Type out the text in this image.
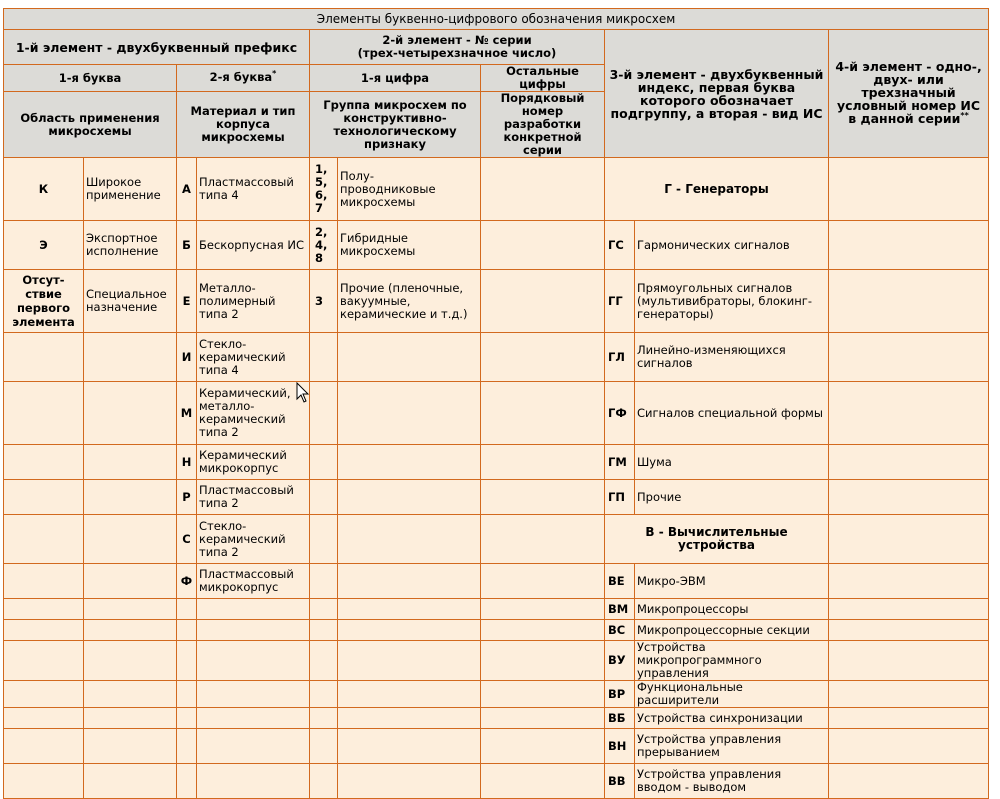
Элементы буквенно-цифрового обозначения микросхем									
1-й элемент - двухбуквенный префикс				2-й элемент - № серии
(трех-четырехзначное число)			3-й элемент - двухбуквенный индекс, первая буква которого обозначает подгруппу, а вторая - вид ИС		4-й элемент - одно-, двух- или трехзначный условный номер ИС в данной серии**
1-я буква		2-я буква*		1-я цифра		Остальные цифры			
Область применения микросхемы		Материал и тип корпуса микросхемы		Группа микросхем по конструктивно-технологическому признаку		Порядковый номер разработки конкретной серии			
К	Широкое применение	А	Пластмассовый типа 4	1,
5,
6,
7	Полу-
проводниковые
микросхемы		Г - Генераторы		
Э	Экспортное исполнение	Б	Бескорпусная ИС	2,
4,
8	Гибридные микросхемы		ГС	Гармонических сигналов	
Отсут-
ствие
первого
элемента	Специальное назначение	Е	Металло-полимерный типа 2	3	Прочие (пленочные, вакуумные, керамические и т.д.)		ГГ	Прямоугольных сигналов (мультивибраторы, блокинг-генераторы)	
		И	Стекло-керамический типа 4				ГЛ	Линейно-изменяющихся сигналов	
		М	Керамический, металло-керамический типа 2				ГФ	Сигналов специальной формы	
		Н	Керамический микрокорпус				ГМ	Шума	
		Р	Пластмассовый типа 2				ГП	Прочие	
		С	Стекло-керамический типа 2				В - Вычислительные устройства		
		Ф	Пластмассовый микрокорпус				ВЕ	Микро-ЭВМ	
							ВМ	Микропроцессоры	
							ВС	Микропроцессорные секции	
							ВУ	Устройства микропрограммного управления	
							ВР	Функциональные расширители	
							ВБ	Устройства синхронизации	
							ВН	Устройства управления прерыванием	
							ВВ	Устройства управления вводом - выводом	
